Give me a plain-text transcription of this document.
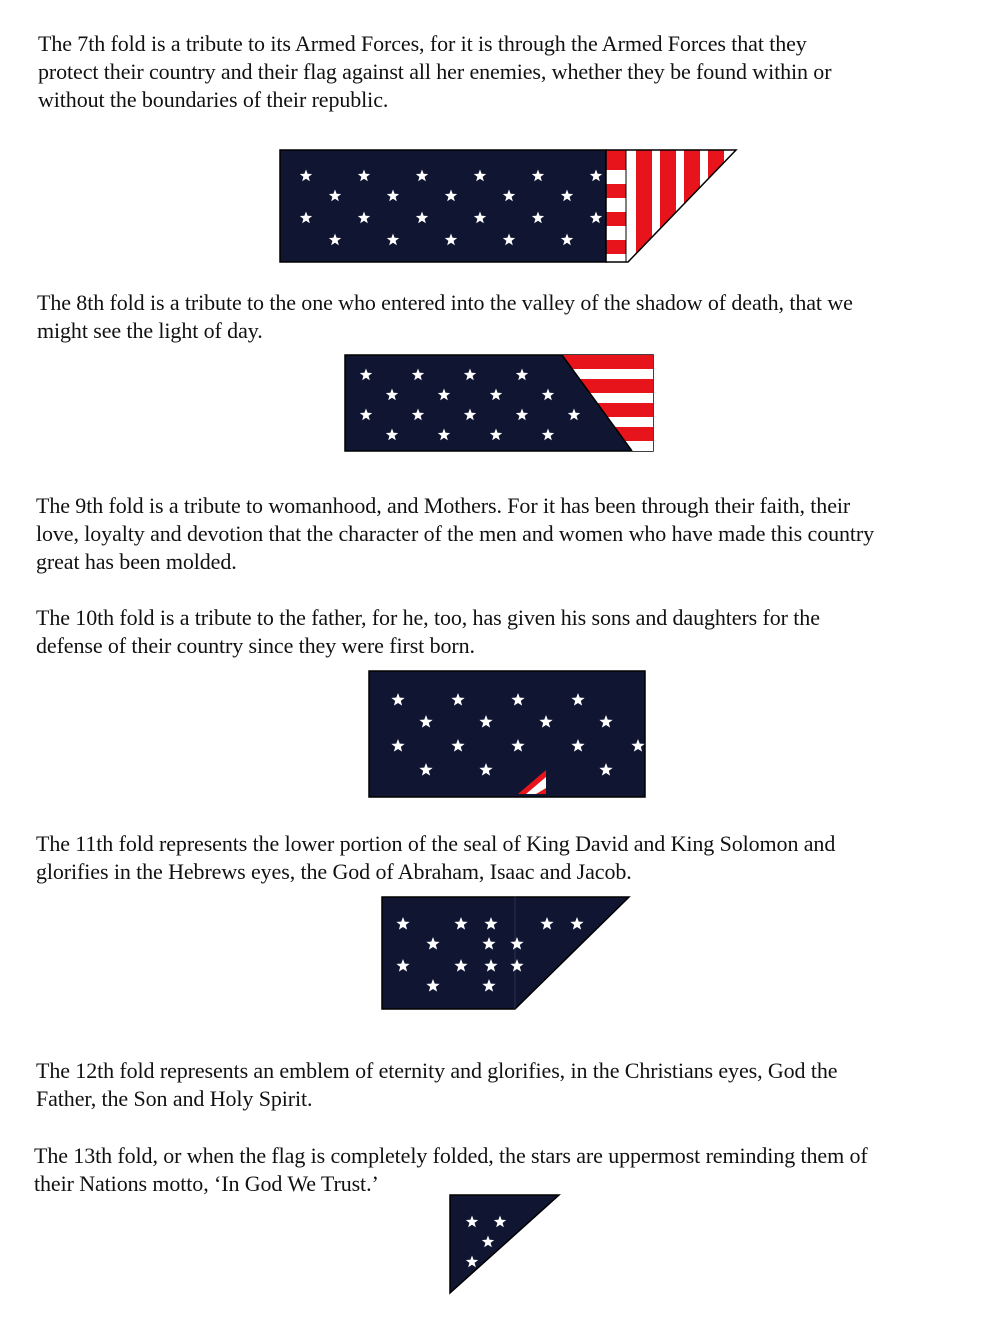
The 7th fold is a tribute to its Armed Forces, for it is through the Armed Forces that they
protect their country and their flag against all her enemies, whether they be found within or
without the boundaries of their republic.
The 8th fold is a tribute to the one who entered into the valley of the shadow of death, that we
might see the light of day.
The 9th fold is a tribute to womanhood, and Mothers. For it has been through their faith, their
love, loyalty and devotion that the character of the men and women who have made this country
great has been molded.
The 10th fold is a tribute to the father, for he, too, has given his sons and daughters for the
defense of their country since they were first born.
The 11th fold represents the lower portion of the seal of King David and King Solomon and
glorifies in the Hebrews eyes, the God of Abraham, Isaac and Jacob.
The 12th fold represents an emblem of eternity and glorifies, in the Christians eyes, God the
Father, the Son and Holy Spirit.
The 13th fold, or when the flag is completely folded, the stars are uppermost reminding them of
their Nations motto, ‘In God We Trust.’
